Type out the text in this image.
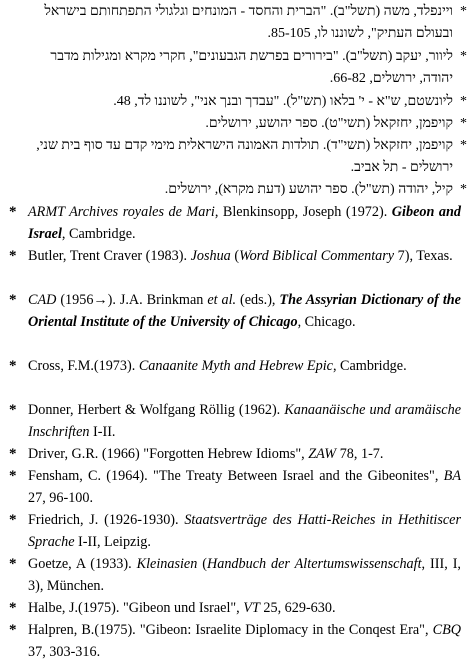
*
ויינפלד, משה (תשל"ב). "הברית והחסד - המונחים וגלגולי התפתחותם בישראל ובעולם העתיק", לשוננו לו, 85-105.
*
ליוור, יעקב (תשל"ב). "בירורים בפרשת הגבעונים", חקרי מקרא ומגילות מדבר יהודה, ירושלים, 66-82.
*
ליונשטם, ש"א - י' בלאו (תש"ל). "עבדך ובנך אני", לשוננו לד, 48.
*
קויפמן, יחזקאל (תשי"ט). ספר יהושע, ירושלים.
*
קויפמן, יחזקאל (תשי"ד). תולדות האמונה הישראלית מימי קדם עד סוף בית שני, ירושלים - תל אביב.
*
קיל, יהודה (תש"ל). ספר יהושע (דעת מקרא), ירושלים.
* ARMT Archives royales de Mari, Blenkinsopp, Joseph (1972). Gibeon and Israel, Cambridge.
* Butler, Trent Craver (1983). Joshua (Word Biblical Commentary 7), Texas.
* CAD (1956→). J.A. Brinkman et al. (eds.), The Assyrian Dictionary of the Oriental Institute of the University of Chicago, Chicago.
* Cross, F.M.(1973). Canaanite Myth and Hebrew Epic, Cambridge.
* Donner, Herbert & Wolfgang Röllig (1962). Kanaanäische und aramäische Inschriften I-II.
* Driver, G.R. (1966) "Forgotten Hebrew Idioms", ZAW 78, 1-7.
* Fensham, C. (1964). "The Treaty Between Israel and the Gibeonites", BA 27, 96-100.
* Friedrich, J. (1926-1930). Staatsverträge des Hatti-Reiches in Hethitiscer Sprache I-II, Leipzig.
* Goetze, A (1933). Kleinasien (Handbuch der Altertumswissenschaft, III, I, 3), München.
* Halbe, J.(1975). "Gibeon und Israel", VT 25, 629-630.
* Halpren, B.(1975). "Gibeon: Israelite Diplomacy in the Conqest Era", CBQ 37, 303-316.
